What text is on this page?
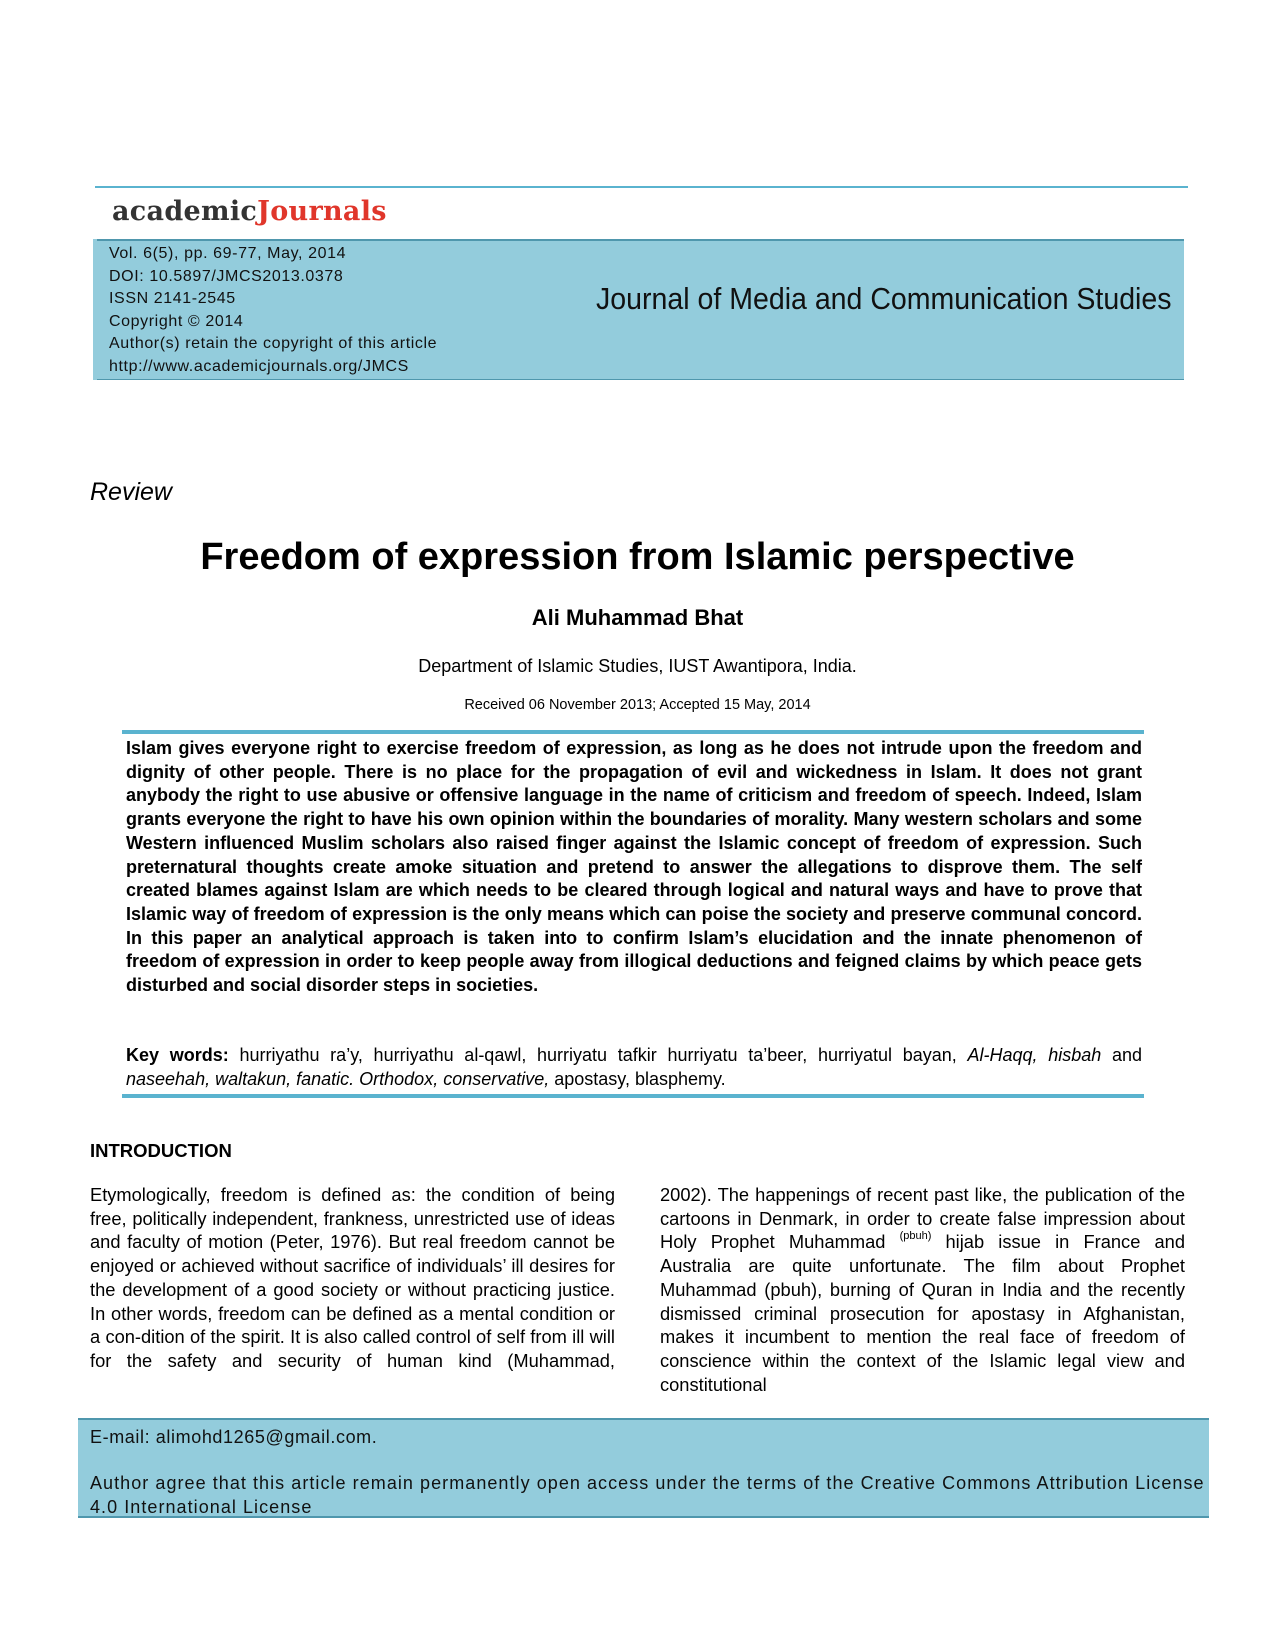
academicJournals
Vol. 6(5), pp. 69-77, May, 2014
DOI: 10.5897/JMCS2013.0378
ISSN 2141-2545
Copyright © 2014
Author(s) retain the copyright of this article
http://www.academicjournals.org/JMCS
Journal of Media and Communication Studies
Review
Freedom of expression from Islamic perspective
Ali Muhammad Bhat
Department of Islamic Studies, IUST Awantipora, India.
Received 06 November 2013; Accepted 15 May, 2014
Islam gives everyone right to exercise freedom of expression, as long as he does not intrude upon the freedom and dignity of other people. There is no place for the propagation of evil and wickedness in Islam. It does not grant anybody the right to use abusive or offensive language in the name of criticism and freedom of speech. Indeed, Islam grants everyone the right to have his own opinion within the boundaries of morality. Many western scholars and some Western influenced Muslim scholars also raised finger against the Islamic concept of freedom of expression. Such preternatural thoughts create amoke situation and pretend to answer the allegations to disprove them. The self created blames against Islam are which needs to be cleared through logical and natural ways and have to prove that Islamic way of freedom of expression is the only means which can poise the society and preserve communal concord. In this paper an analytical approach is taken into to confirm Islam’s elucidation and the innate phenomenon of freedom of expression in order to keep people away from illogical deductions and feigned claims by which peace gets disturbed and social disorder steps in societies.
Key words: hurriyathu ra’y, hurriyathu al-qawl, hurriyatu tafkir hurriyatu ta’beer, hurriyatul bayan, Al-Haqq, hisbah and naseehah, waltakun, fanatic. Orthodox, conservative, apostasy, blasphemy.
INTRODUCTION
Etymologically, freedom is defined as: the condition of being free, politically independent, frankness, unrestricted use of ideas and faculty of motion (Peter, 1976). But real freedom cannot be enjoyed or achieved without sacrifice of individuals’ ill desires for the development of a good society or without practicing justice. In other words, freedom can be defined as a mental condition or a con-dition of the spirit. It is also called control of self from ill will for the safety and security of human kind (Muhammad,
2002). The happenings of recent past like, the publication of the cartoons in Denmark, in order to create false impression about Holy Prophet Muhammad $^{(pbuh)}$ hijab issue in France and Australia are quite unfortunate. The film about Prophet Muhammad (pbuh), burning of Quran in India and the recently dismissed criminal prosecution for apostasy in Afghanistan, makes it incumbent to mention the real face of freedom of conscience within the context of the Islamic legal view and constitutional
E-mail: alimohd1265@gmail.com.
Author agree that this article remain permanently open access under the terms of the Creative Commons Attribution License 4.0 International License
